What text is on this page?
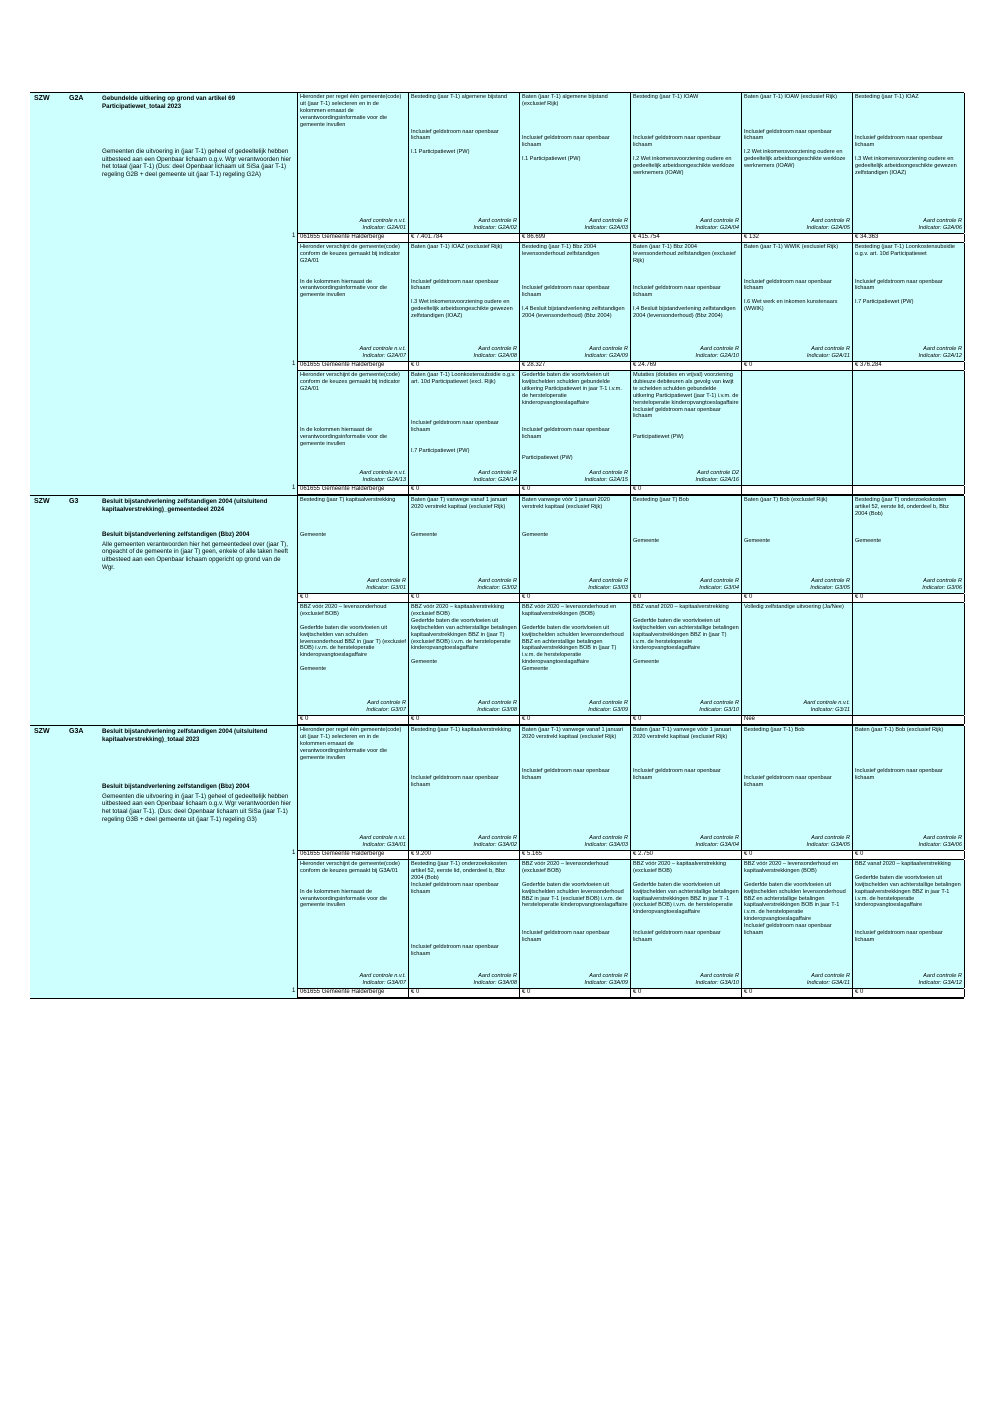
SZW	G2A	Gebundelde uitkering op grond van artikel 69 Participatiewet_totaal 2023
Gemeenten die uitvoering in (jaar T-1) geheel of gedeeltelijk hebben uitbesteed aan een Openbaar lichaam o.g.v. Wgr verantwoorden hier het totaal (jaar T-1) (Dus: deel Openbaar lichaam uit SiSa (jaar T-1) regeling G2B + deel gemeente uit (jaar T-1) regeling G2A)
Hieronder per regel één gemeente(code) uit (jaar T-1) selecteren en in de kolommen ernaast de verantwoordingsinformatie voor die gemeente invullen
Aard controle n.v.t.
Indicator: G2A/01
Besteding (jaar T-1) algemene bijstand

Inclusief geldstroom naar openbaar lichaam

I.1 Participatiewet (PW)
Aard controle R
Indicator: G2A/02
Baten (jaar T-1) algemene bijstand (exclusief Rijk)

Inclusief geldstroom naar openbaar lichaam

I.1 Participatiewet (PW)
Aard controle R
Indicator: G2A/03
Besteding (jaar T-1) IOAW

Inclusief geldstroom naar openbaar lichaam

I.2 Wet inkomensvoorziening oudere en gedeeltelijk arbeidsongeschikte werkloze werknemers (IOAW)
Aard controle R
Indicator: G2A/04
Baten (jaar T-1) IOAW (exclusief Rijk)

Inclusief geldstroom naar openbaar lichaam

I.2 Wet inkomensvoorziening oudere en gedeeltelijk arbeidsongeschikte werkloze werknemers (IOAW)
Aard controle R
Indicator: G2A/05
Besteding (jaar T-1) IOAZ

Inclusief geldstroom naar openbaar lichaam

I.3 Wet inkomensvoorziening oudere en gedeeltelijk arbeidsongeschikte gewezen zelfstandigen (IOAZ)
Aard controle R
Indicator: G2A/06
1 061655 Gemeente Halderberge	€ 7.401.784	€ 86.699	€ 415.754	€ 132	€ 34.363
Hieronder verschijnt de gemeente(code) conform de keuzes gemaakt bij indicator G2A/01

In de kolommen hiernaast de verantwoordingsinformatie voor die gemeente invullen
Aard controle n.v.t.
Indicator: G2A/07
Baten (jaar T-1) IOAZ (exclusief Rijk)

Inclusief geldstroom naar openbaar lichaam

I.3 Wet inkomensvoorziening oudere en gedeeltelijk arbeidsongeschikte gewezen zelfstandigen (IOAZ)
Aard controle R
Indicator: G2A/08
Besteding (jaar T-1) Bbz 2004 levensonderhoud zelfstandigen

Inclusief geldstroom naar openbaar lichaam

I.4 Besluit bijstandverlening zelfstandigen 2004 (levensonderhoud) (Bbz 2004)
Aard controle R
Indicator: G2A/09
Baten (jaar T-1) Bbz 2004 levensonderhoud zelfstandigen (exclusief Rijk)

Inclusief geldstroom naar openbaar lichaam

I.4 Besluit bijstandverlening zelfstandigen 2004 (levensonderhoud) (Bbz 2004)
Aard controle R
Indicator: G2A/10
Baten (jaar T-1) WWIK (exclusief Rijk)

Inclusief geldstroom naar openbaar lichaam

I.6 Wet werk en inkomen kunstenaars (WWIK)
Aard controle R
Indicator: G2A/11
Besteding (jaar T-1) Loonkostensubsidie o.g.v. art. 10d Participatiewet

Inclusief geldstroom naar openbaar lichaam

I.7 Participatiewet (PW)
Aard controle R
Indicator: G2A/12
1 061655 Gemeente Halderberge	€ 0	€ 28.327	€ 24.769	€ 0	€ 376.284
Hieronder verschijnt de gemeente(code) conform de keuzes gemaakt bij indicator G2A/01

In de kolommen hiernaast de verantwoordingsinformatie voor die gemeente invullen
Aard controle n.v.t.
Indicator: G2A/13
Baten (jaar T-1) Loonkostensubsidie o.g.v. art. 10d Participatiewet (excl. Rijk)

Inclusief geldstroom naar openbaar lichaam

I.7 Participatiewet (PW)
Aard controle R
Indicator: G2A/14
Gederfde baten die voortvloeien uit kwijtschelden schulden gebundelde uitkering Participatiewet in jaar T-1 i.v.m. de herstel​operatie kinderopvangtoeslagaffaire

Inclusief geldstroom naar openbaar lichaam

Participatiewet (PW)
Aard controle R
Indicator: G2A/15
Mutaties (dotaties en vrijval) voorziening dubieuze debiteuren als gevolg van kwijt te schelden schulden gebundelde uitkering Participatiewet (jaar T-1) i.v.m. de herstel​operatie kinderopvangtoeslagaffaire
Inclusief geldstroom naar openbaar lichaam

Participatiewet (PW)
Aard controle D2
Indicator: G2A/16
1 061655 Gemeente Halderberge	€ 0	€ 0	€ 0
SZW	G3	Besluit bijstandverlening zelfstandigen 2004 (uitsluitend kapitaalverstrekking)_gemeentedeel 2024
Besluit bijstandverlening zelfstandigen (Bbz) 2004
Alle gemeenten verantwoorden hier het gemeentedeel over (jaar T), ongeacht of de gemeente in (jaar T) geen, enkele of alle taken heeft uitbesteed aan een Openbaar lichaam opgericht op grond van de Wgr.
Besteding (jaar T) kapitaalverstrekking

Gemeente
Aard controle R
Indicator: G3/01
Baten (jaar T) vanwege vanaf 1 januari 2020 verstrekt kapitaal (exclusief Rijk)

Gemeente
Aard controle R
Indicator: G3/02
Baten vanwege vóór 1 januari 2020 verstrekt kapitaal (exclusief Rijk)

Gemeente
Aard controle R
Indicator: G3/03
Besteding (jaar T) Bob

Gemeente
Aard controle R
Indicator: G3/04
Baten (jaar T) Bob (exclusief Rijk)

Gemeente
Aard controle R
Indicator: G3/05
Besteding (jaar T) onderzoekskosten artikel 52, eerste lid, onderdeel b, Bbz 2004 (Bob)

Gemeente
Aard controle R
Indicator: G3/06
€ 0	€ 0	€ 0	€ 0	€ 0	€ 0
BBZ vóór 2020 – levensonderhoud (exclusief BOB)

Gederfde baten die voortvloeien uit kwijtschelden van schulden levensonderhoud BBZ in (jaar T) (exclusief BOB) i.v.m. de herstel​operatie kinderopvangtoeslagaffaire

Gemeente
Aard controle R
Indicator: G3/07
BBZ vóór 2020 – kapitaalverstrekking (exclusief BOB)
Gederfde baten die voortvloeien uit kwijtschelden van achterstallige betalingen kapitaalverstrekkingen BBZ in (jaar T) (exclusief BOB) i.v.m. de herstel​operatie kinderopvangtoeslagaffaire

Gemeente
Aard controle R
Indicator: G3/08
BBZ vóór 2020 – levensonderhoud en kapitaalverstrekkingen (BOB)

Gederfde baten die voortvloeien uit kwijtschelden schulden levensonderhoud BBZ en achterstallige betalingen kapitaalverstrekkingen BOB in (jaar T) i.v.m. de herstel​operatie kinderopvangtoeslagaffaire
Gemeente
Aard controle R
Indicator: G3/09
BBZ vanaf 2020 – kapitaalverstrekking

Gederfde baten die voortvloeien uit kwijtschelden van achterstallige betalingen kapitaalverstrekkingen BBZ in (jaar T) i.v.m. de herstel​operatie kinderopvangtoeslagaffaire

Gemeente
Aard controle R
Indicator: G3/10
Volledig zelfstandige uitvoering (Ja/Nee)
Aard controle n.v.t.
Indicator: G3/11
€ 0	€ 0	€ 0	€ 0	Nee
SZW	G3A	Besluit bijstandverlening zelfstandigen 2004 (uitsluitend kapitaalverstrekking)_totaal 2023
Besluit bijstandverlening zelfstandigen (Bbz) 2004
Gemeenten die uitvoering in (jaar T-1) geheel of gedeeltelijk hebben uitbesteed aan een Openbaar lichaam o.g.v. Wgr verantwoorden hier het totaal (jaar T-1). (Dus: deel Openbaar lichaam uit SiSa (jaar T-1) regeling G3B + deel gemeente uit (jaar T-1) regeling G3)
Hieronder per regel één gemeente(code) uit (jaar T-1) selecteren en in de kolommen ernaast de verantwoordingsinformatie voor die gemeente invullen
Aard controle n.v.t.
Indicator: G3A/01
Besteding (jaar T-1) kapitaalverstrekking

Inclusief geldstroom naar openbaar lichaam
Aard controle R
Indicator: G3A/02
Baten (jaar T-1) vanwege vanaf 1 januari 2020 verstrekt kapitaal (exclusief Rijk)

Inclusief geldstroom naar openbaar lichaam
Aard controle R
Indicator: G3A/03
Baten (jaar T-1) vanwege vóór 1 januari 2020 verstrekt kapitaal (exclusief Rijk)

Inclusief geldstroom naar openbaar lichaam
Aard controle R
Indicator: G3A/04
Besteding (jaar T-1) Bob

Inclusief geldstroom naar openbaar lichaam
Aard controle R
Indicator: G3A/05
Baten (jaar T-1) Bob (exclusief Rijk)

Inclusief geldstroom naar openbaar lichaam
Aard controle R
Indicator: G3A/06
1 061655 Gemeente Halderberge	€ 9.200	€ 5.165	€ 2.750	€ 0	€ 0
Hieronder verschijnt de gemeente(code) conform de keuzes gemaakt bij G3A/01

In de kolommen hiernaast de verantwoordingsinformatie voor die gemeente invullen
Aard controle n.v.t.
Indicator: G3A/07
Besteding (jaar T-1) onderzoekskosten artikel 52, eerste lid, onderdeel b, Bbz 2004 (Bob)
Inclusief geldstroom naar openbaar lichaam

Inclusief geldstroom naar openbaar lichaam
Aard controle R
Indicator: G3A/08
BBZ vóór 2020 – levensonderhoud (exclusief BOB)

Gederfde baten die voortvloeien uit kwijtschelden schulden levensonderhoud BBZ in jaar T-1 (exclusief BOB) i.v.m. de herstel​operatie kinderopvangtoeslagaffaire

Inclusief geldstroom naar openbaar lichaam
Aard controle R
Indicator: G3A/09
BBZ vóór 2020 – kapitaalverstrekking (exclusief BOB)

Gederfde baten die voortvloeien uit kwijtschelden van achterstallige betalingen kapitaalverstrekkingen BBZ in jaar T -1 (exclusief BOB) i.v.m. de herstel​operatie kinderopvangtoeslagaffaire

Inclusief geldstroom naar openbaar lichaam
Aard controle R
Indicator: G3A/10
BBZ vóór 2020 – levensonderhoud en kapitaalverstrekkingen (BOB)

Gederfde baten die voortvloeien uit kwijtschelden schulden levensonderhoud BBZ en achterstallige betalingen kapitaalverstrekkingen BOB in jaar T-1 i.v.m. de herstel​operatie kinderopvangtoeslagaffaire
Inclusief geldstroom naar openbaar lichaam
Aard controle R
Indicator: G3A/11
BBZ vanaf 2020 – kapitaalverstrekking

Gederfde baten die voortvloeien uit kwijtschelden van achterstallige betalingen kapitaalverstrekkingen BBZ in jaar T-1 i.v.m. de herstel​operatie kinderopvangtoeslagaffaire

Inclusief geldstroom naar openbaar lichaam
Aard controle R
Indicator: G3A/12
1 061655 Gemeente Halderberge	€ 0	€ 0	€ 0	€ 0	€ 0
